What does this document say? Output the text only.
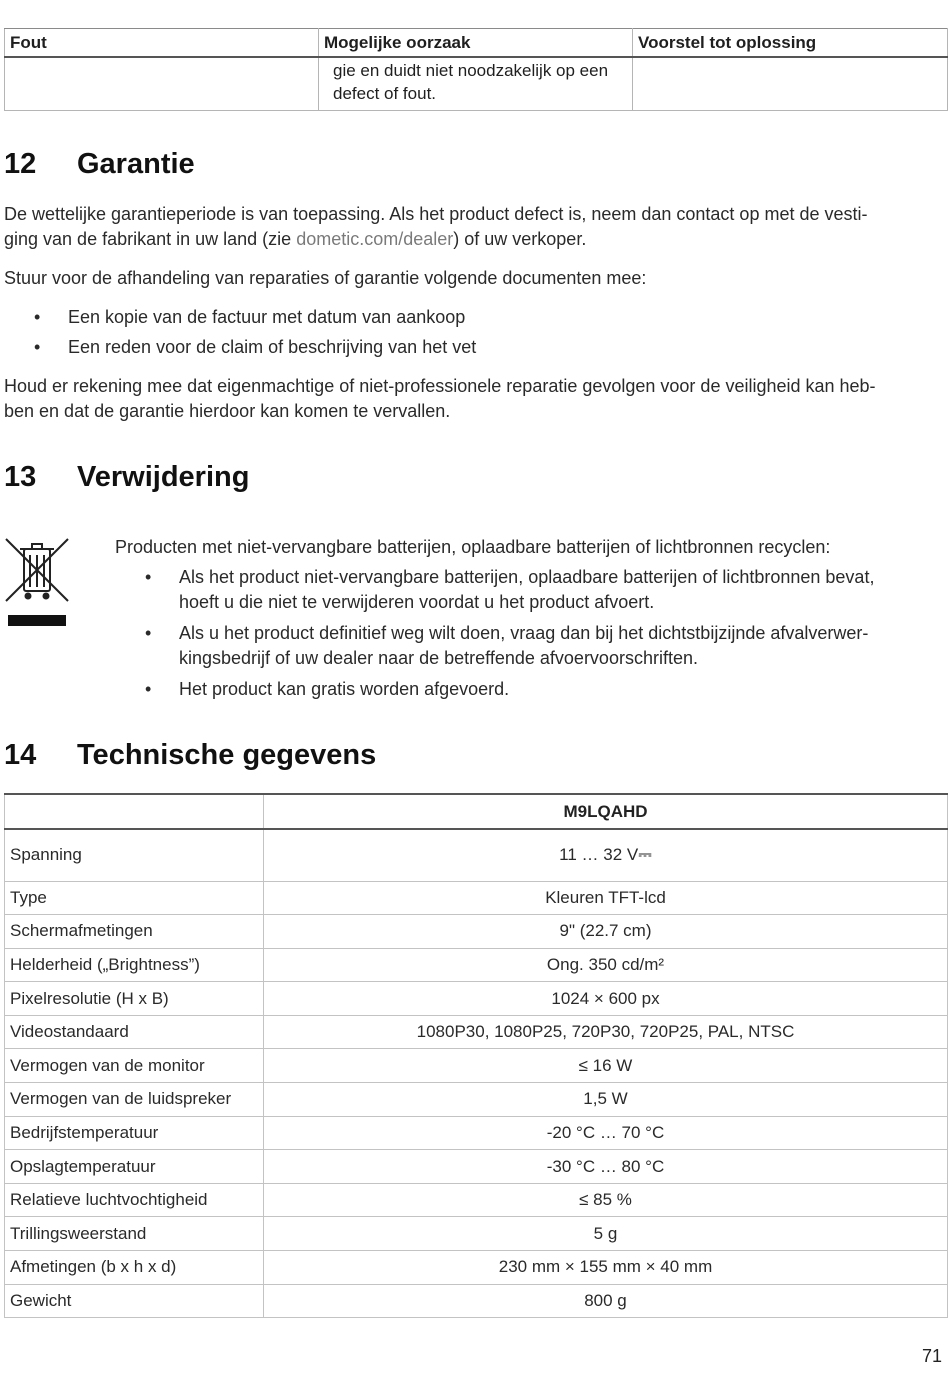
Fout	Mogelijke oorzaak	Voorstel tot oplossing

	gie en duidt niet noodzakelijk op een
defect of fout.	

12 Garantie

De wettelijke garantieperiode is van toepassing. Als het product defect is, neem dan contact op met de vesti-
ging van de fabrikant in uw land (zie dometic.com/dealer) of uw verkoper.

Stuur voor de afhandeling van reparaties of garantie volgende documenten mee:

• Een kopie van de factuur met datum van aankoop
• Een reden voor de claim of beschrijving van het vet

Houd er rekening mee dat eigenmachtige of niet-professionele reparatie gevolgen voor de veiligheid kan heb-
ben en dat de garantie hierdoor kan komen te vervallen.

13 Verwijdering

Producten met niet-vervangbare batterijen, oplaadbare batterijen of lichtbronnen recyclen:

• Als het product niet-vervangbare batterijen, oplaadbare batterijen of lichtbronnen bevat,
hoeft u die niet te verwijderen voordat u het product afvoert.
• Als u het product definitief weg wilt doen, vraag dan bij het dichtstbijzijnde afvalverwer-
kingsbedrijf of uw dealer naar de betreffende afvoervoorschriften.
• Het product kan gratis worden afgevoerd.
14 Technische gegevens
	M9LQAHD
Spanning	11 … 32 V⎓
Type	Kleuren TFT-lcd
Schermafmetingen	9" (22.7 cm)
Helderheid („Brightness”)	Ong. 350 cd/m²
Pixelresolutie (H x B)	1024 × 600 px
Videostandaard	1080P30, 1080P25, 720P30, 720P25, PAL, NTSC
Vermogen van de monitor	≤ 16 W
Vermogen van de luidspreker	1,5 W
Bedrijfstemperatuur	-20 °C … 70 °C
Opslagtemperatuur	-30 °C … 80 °C
Relatieve luchtvochtigheid	≤ 85 %
Trillingsweerstand	5 g
Afmetingen (b x h x d)	230 mm × 155 mm × 40 mm
Gewicht	800 g
71
